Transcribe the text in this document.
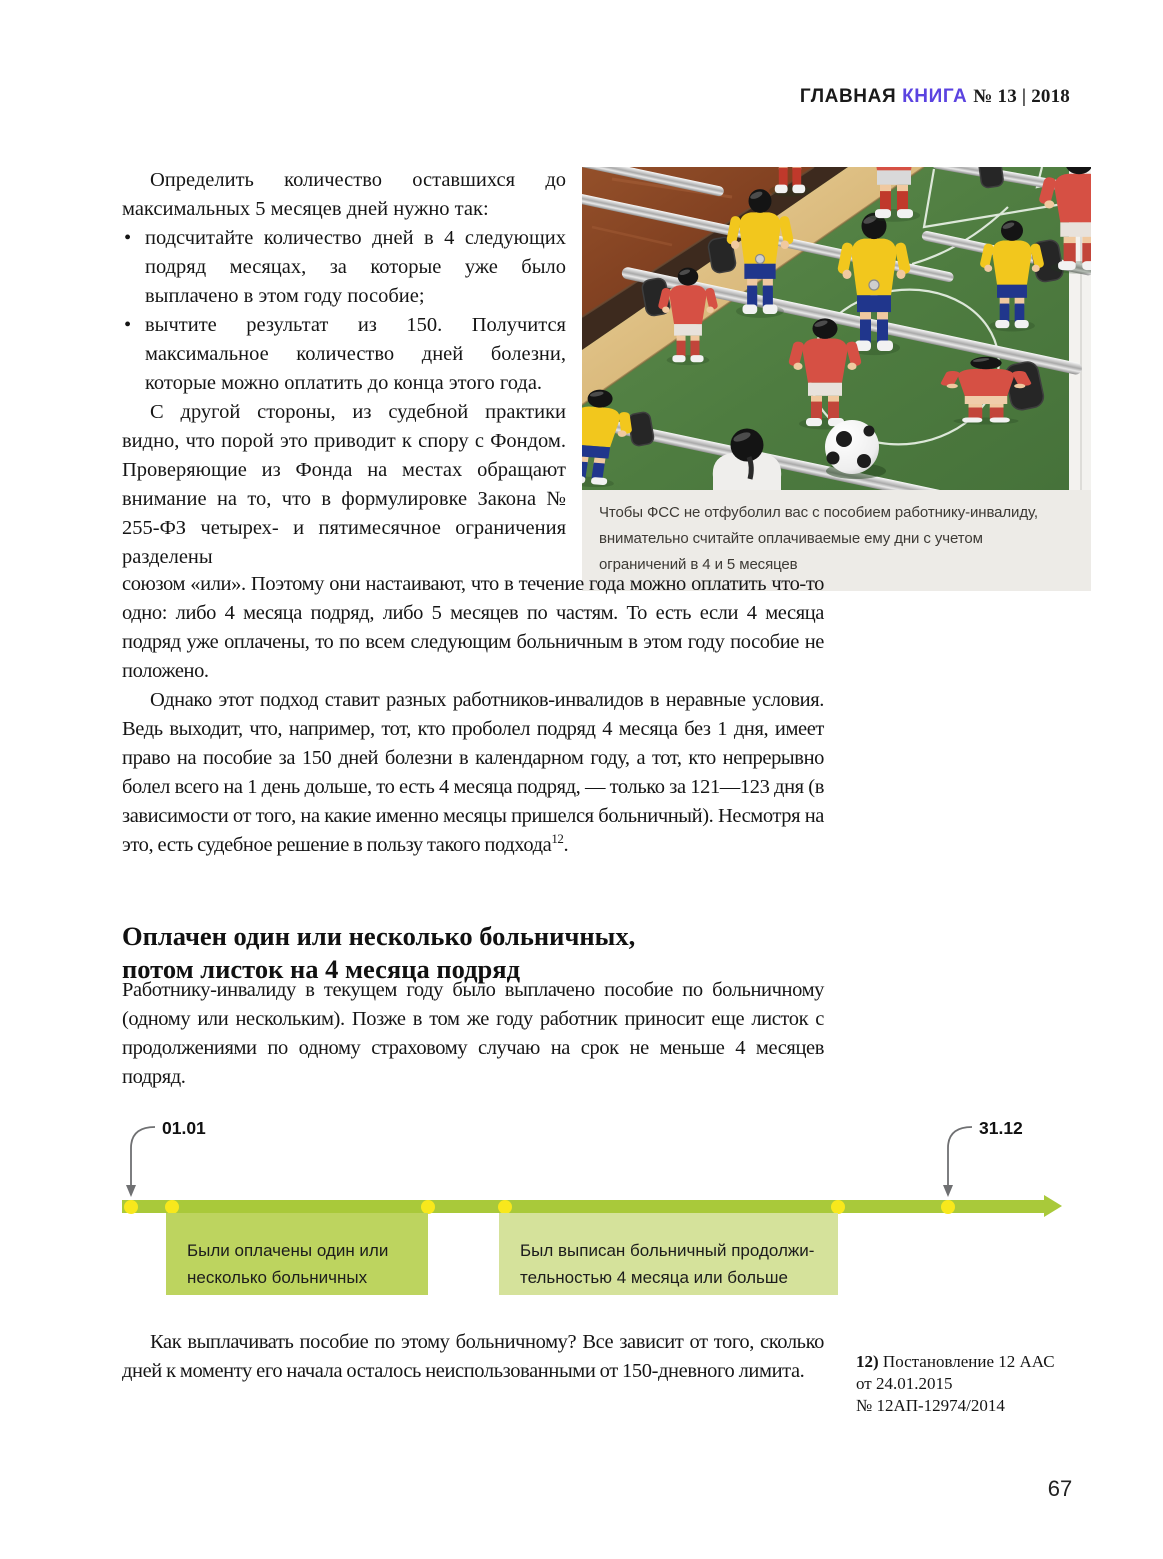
ГЛАВНАЯ КНИГА № 13 | 2018

Определить количество оставшихся до максимальных 5 месяцев дней нужно так:

• подсчитайте количество дней в 4 следующих подряд месяцах, за которые уже было выплачено в этом году пособие;
• вычтите результат из 150. Получится максимальное количество дней болезни, которые можно оплатить до конца этого года.

С другой стороны, из судебной практики видно, что порой это приводит к спору с Фондом. Проверяющие из Фонда на местах обращают внимание на то, что в формулировке Закона № 255-ФЗ четырех- и пятимесячное ограничения разделены

Чтобы ФСС не отфуболил вас с пособием работнику-инвалиду, внимательно считайте оплачиваемые ему дни с учетом ограничений в 4 и 5 месяцев

союзом «или». Поэтому они настаивают, что в течение года можно оплатить что-то одно: либо 4 месяца подряд, либо 5 месяцев по частям. То есть если 4 месяца подряд уже оплачены, то по всем следующим больничным в этом году пособие не положено.

Однако этот подход ставит разных работников-инвалидов в неравные условия. Ведь выходит, что, например, тот, кто проболел подряд 4 месяца без 1 дня, имеет право на пособие за 150 дней болезни в календарном году, а тот, кто непрерывно болел всего на 1 день дольше, то есть 4 месяца подряд, — только за 121—123 дня (в зависимости от того, на какие именно месяцы пришелся больничный). Несмотря на это, есть судебное решение в пользу такого подхода$^{12}$.

Оплачен один или несколько больничных,
потом листок на 4 месяца подряд

Работнику-инвалиду в текущем году было выплачено пособие по больничному (одному или нескольким). Позже в том же году работник приносит еще листок с продолжениями по одному страховому случаю на срок не меньше 4 месяцев подряд.

01.01	31.12
Были оплачены один или
несколько больничных
Был выписан больничный продолжи-
тельностью 4 месяца или больше

Как выплачивать пособие по этому больничному? Все зависит от того, сколько дней к моменту его начала осталось неиспользованными от 150-дневного лимита.	12) Постановление 12 ААС
от 24.01.2015
№ 12АП-12974/2014
67
